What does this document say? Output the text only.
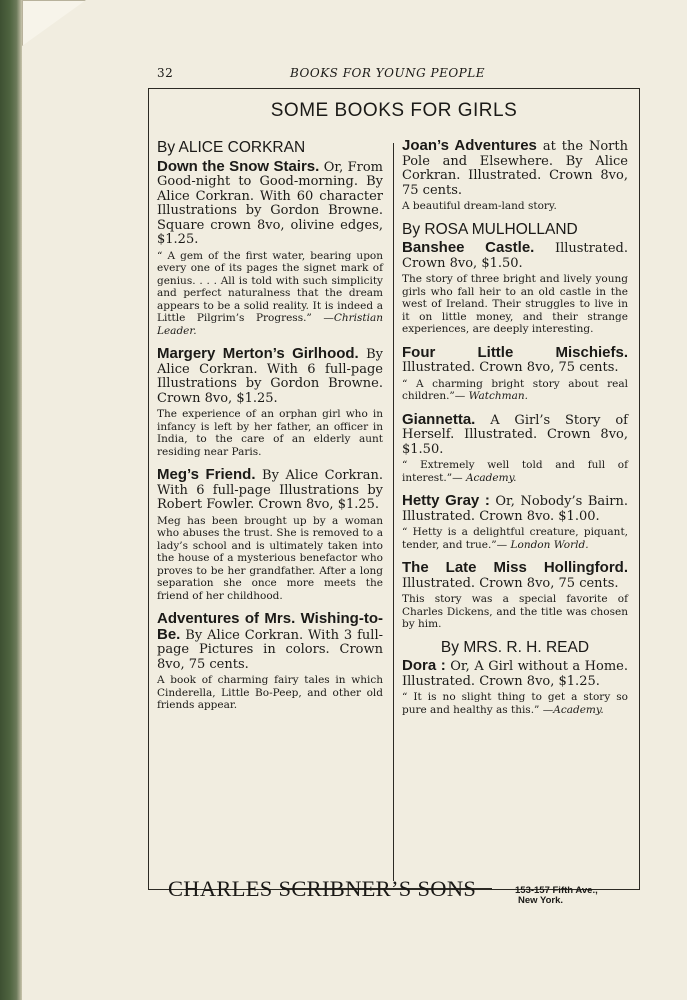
32	BOOKS FOR YOUNG PEOPLE
SOME BOOKS FOR GIRLS
By ALICE CORKRAN
Down the Snow Stairs. Or, From Good-night to Good-morning. By Alice Corkran. With 60 character Illustrations by Gordon Browne. Square crown 8vo, olivine edges, $1.25.
“ A gem of the first water, bearing upon every one of its pages the signet mark of genius. . . . All is told with such simplicity and perfect naturalness that the dream appears to be a solid reality. It is indeed a Little Pilgrim’s Progress.” —Christian Leader.
Margery Merton’s Girlhood. By Alice Corkran. With 6 full-page Illustrations by Gordon Browne. Crown 8vo, $1.25.
The experience of an orphan girl who in infancy is left by her father, an officer in India, to the care of an elderly aunt residing near Paris.
Meg’s Friend. By Alice Corkran. With 6 full-page Illustrations by Robert Fowler. Crown 8vo, $1.25.
Meg has been brought up by a woman who abuses the trust. She is removed to a lady’s school and is ultimately taken into the house of a mysterious benefactor who proves to be her grandfather. After a long separation she once more meets the friend of her childhood.
Adventures of Mrs. Wishing-to-Be. By Alice Corkran. With 3 full-page Pictures in colors. Crown 8vo, 75 cents.
A book of charming fairy tales in which Cinderella, Little Bo-Peep, and other old friends appear.
Joan’s Adventures at the North Pole and Elsewhere. By Alice Corkran. Illustrated. Crown 8vo, 75 cents.
A beautiful dream-land story.
By ROSA MULHOLLAND
Banshee Castle. Illustrated. Crown 8vo, $1.50.
The story of three bright and lively young girls who fall heir to an old castle in the west of Ireland. Their struggles to live in it on little money, and their strange experiences, are deeply interesting.
Four Little Mischiefs. Illustrated. Crown 8vo, 75 cents.
“ A charming bright story about real children.”— Watchman.
Giannetta. A Girl’s Story of Herself. Illustrated. Crown 8vo, $1.50.
“ Extremely well told and full of interest.”— Academy.
Hetty Gray : Or, Nobody’s Bairn. Illustrated. Crown 8vo. $1.00.
“ Hetty is a delightful creature, piquant, tender, and true.”— London World.
The Late Miss Hollingford. Illustrated. Crown 8vo, 75 cents.
This story was a special favorite of Charles Dickens, and the title was chosen by him.
By MRS. R. H. READ
Dora : Or, A Girl without a Home. Illustrated. Crown 8vo, $1.25.
“ It is no slight thing to get a story so pure and healthy as this.” —Academy.
CHARLES SCRIBNER’S SONS	153-157 Fifth Ave.,
New York.
